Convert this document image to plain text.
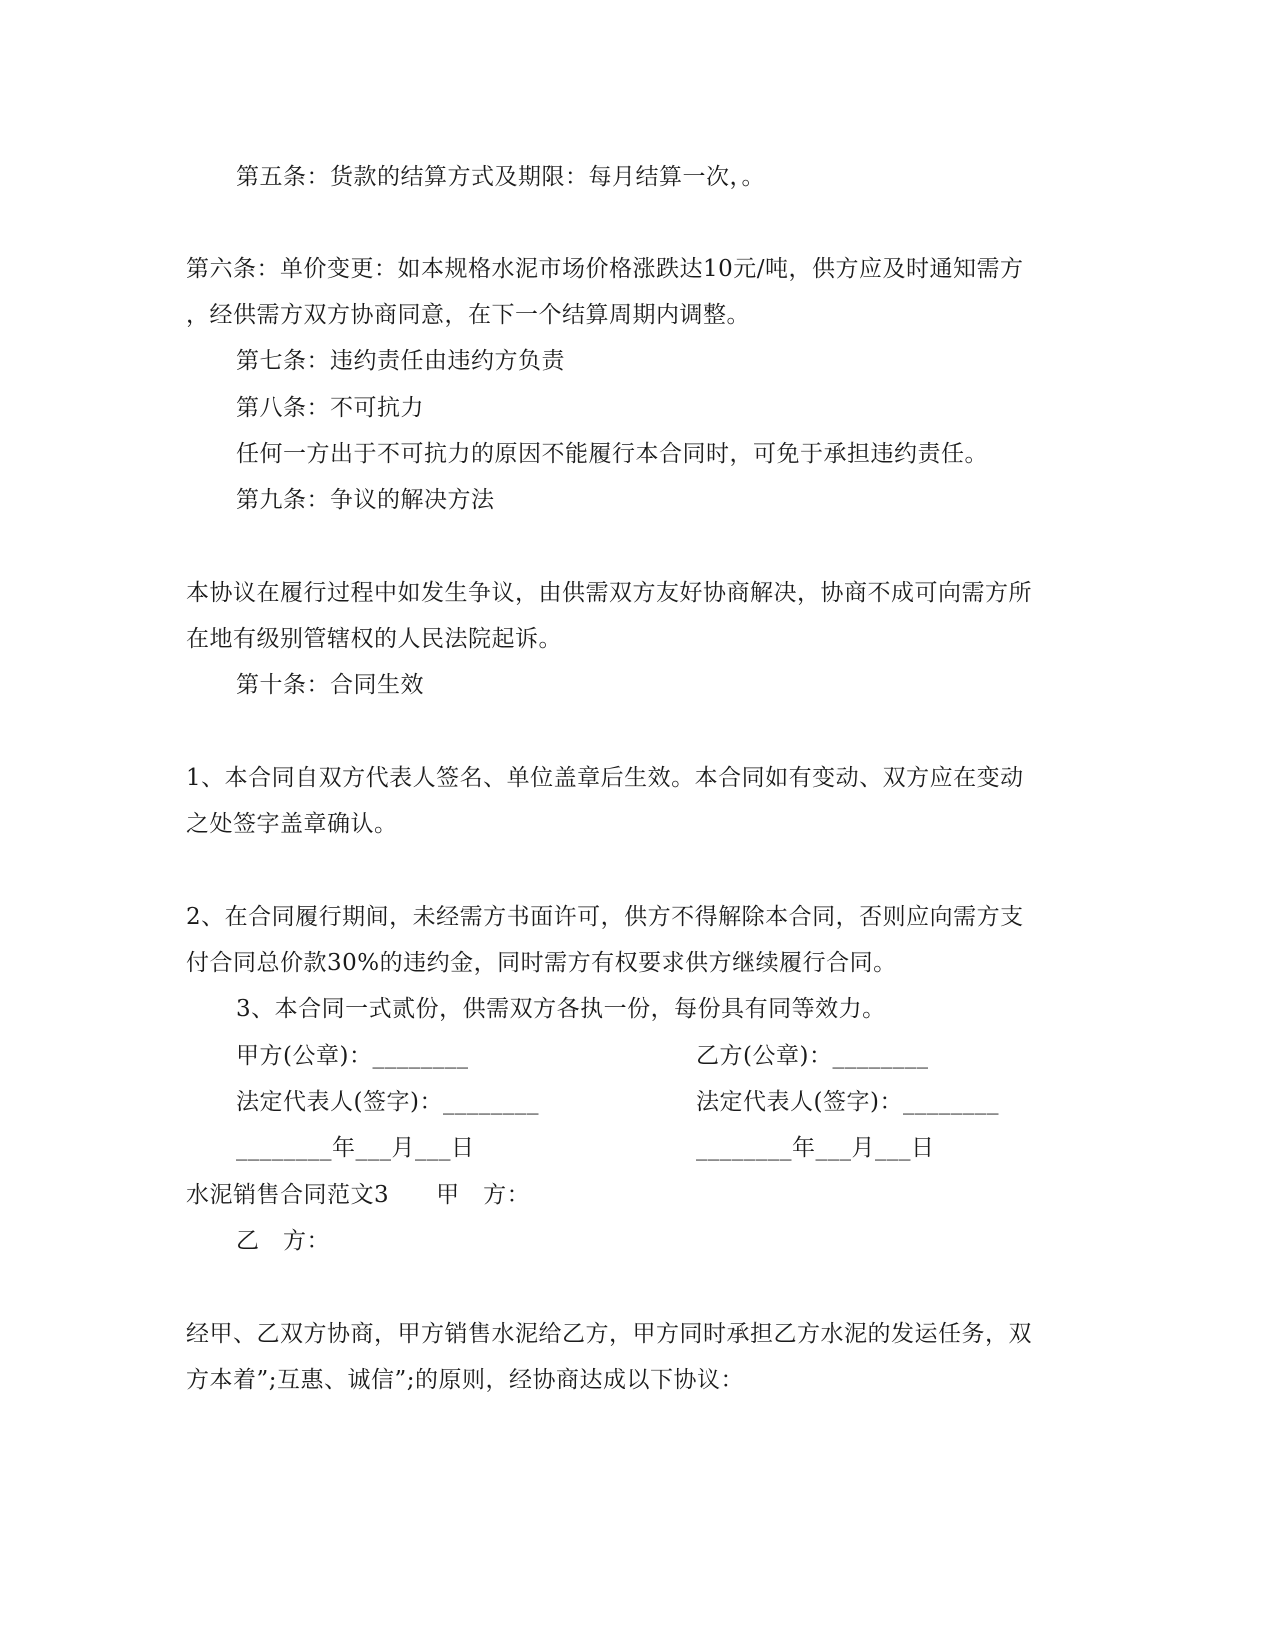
第五条：货款的结算方式及期限：每月结算一次，。
第六条：单价变更：如本规格水泥市场价格涨跌达10元/吨，供方应及时通知需方
，经供需方双方协商同意，在下一个结算周期内调整。
第七条：违约责任由违约方负责
第八条：不可抗力
任何一方出于不可抗力的原因不能履行本合同时，可免于承担违约责任。
第九条：争议的解决方法
本协议在履行过程中如发生争议，由供需双方友好协商解决，协商不成可向需方所
在地有级别管辖权的人民法院起诉。
第十条：合同生效
1、本合同自双方代表人签名、单位盖章后生效。本合同如有变动、双方应在变动
之处签字盖章确认。
2、在合同履行期间，未经需方书面许可，供方不得解除本合同，否则应向需方支
付合同总价款30%的违约金，同时需方有权要求供方继续履行合同。
3、本合同一式贰份，供需双方各执一份，每份具有同等效力。
甲方(公章)：________	乙方(公章)：________
法定代表人(签字)：________	法定代表人(签字)：________
________年___月___日	________年___月___日
水泥销售合同范文3　　甲　方：
乙　方：
经甲、乙双方协商，甲方销售水泥给乙方，甲方同时承担乙方水泥的发运任务，双
方本着”;互惠、诚信”;的原则，经协商达成以下协议：
